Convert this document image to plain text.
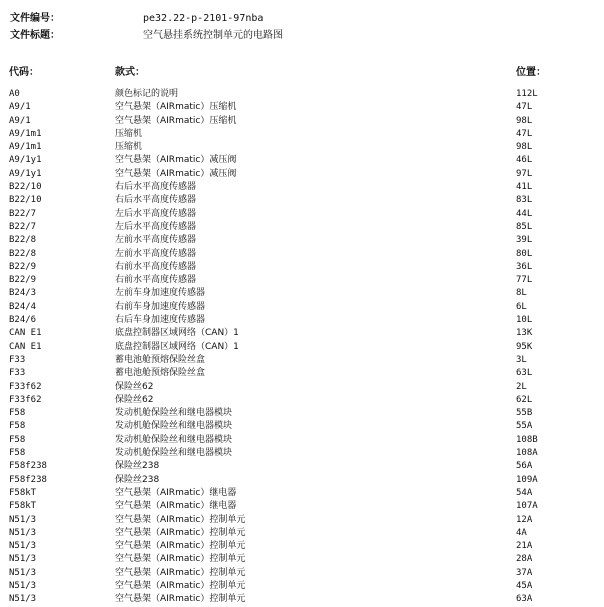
文件编号：	pe32.22-p-2101-97nba
文件标题：	空气悬挂系统控制单元的电路图
代码：	款式：	位置：
A0	颜色标记的说明	112L
A9/1	空气悬架（AIRmatic）压缩机	47L
A9/1	空气悬架（AIRmatic）压缩机	98L
A9/1m1	压缩机	47L
A9/1m1	压缩机	98L
A9/1y1	空气悬架（AIRmatic）减压阀	46L
A9/1y1	空气悬架（AIRmatic）减压阀	97L
B22/10	右后水平高度传感器	41L
B22/10	右后水平高度传感器	83L
B22/7	左后水平高度传感器	44L
B22/7	左后水平高度传感器	85L
B22/8	左前水平高度传感器	39L
B22/8	左前水平高度传感器	80L
B22/9	右前水平高度传感器	36L
B22/9	右前水平高度传感器	77L
B24/3	左前车身加速度传感器	8L
B24/4	右前车身加速度传感器	6L
B24/6	右后车身加速度传感器	10L
CAN E1	底盘控制器区域网络（CAN）1	13K
CAN E1	底盘控制器区域网络（CAN）1	95K
F33	蓄电池舱预熔保险丝盒	3L
F33	蓄电池舱预熔保险丝盒	63L
F33f62	保险丝62	2L
F33f62	保险丝62	62L
F58	发动机舱保险丝和继电器模块	55B
F58	发动机舱保险丝和继电器模块	55A
F58	发动机舱保险丝和继电器模块	108B
F58	发动机舱保险丝和继电器模块	108A
F58f238	保险丝238	56A
F58f238	保险丝238	109A
F58kT	空气悬架（AIRmatic）继电器	54A
F58kT	空气悬架（AIRmatic）继电器	107A
N51/3	空气悬架（AIRmatic）控制单元	12A
N51/3	空气悬架（AIRmatic）控制单元	4A
N51/3	空气悬架（AIRmatic）控制单元	21A
N51/3	空气悬架（AIRmatic）控制单元	28A
N51/3	空气悬架（AIRmatic）控制单元	37A
N51/3	空气悬架（AIRmatic）控制单元	45A
N51/3	空气悬架（AIRmatic）控制单元	63A
